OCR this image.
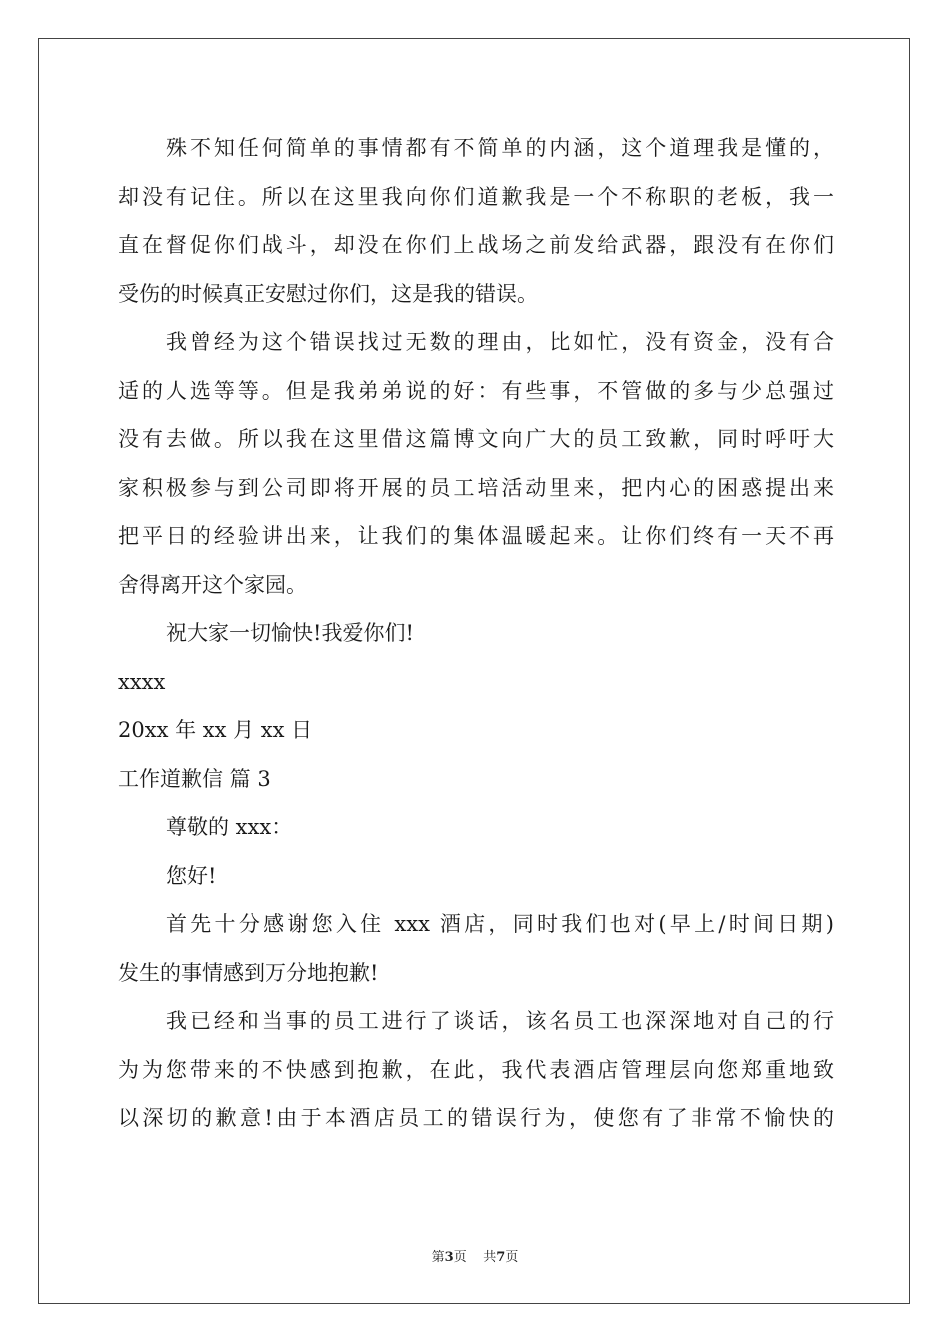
殊不知任何简单的事情都有不简单的内涵，这个道理我是懂的，
却没有记住。所以在这里我向你们道歉我是一个不称职的老板，我一
直在督促你们战斗，却没在你们上战场之前发给武器，跟没有在你们
受伤的时候真正安慰过你们，这是我的错误。
我曾经为这个错误找过无数的理由，比如忙，没有资金，没有合
适的人选等等。但是我弟弟说的好：有些事，不管做的多与少总强过
没有去做。所以我在这里借这篇博文向广大的员工致歉，同时呼吁大
家积极参与到公司即将开展的员工培活动里来，把内心的困惑提出来
把平日的经验讲出来，让我们的集体温暖起来。让你们终有一天不再
舍得离开这个家园。
祝大家一切愉快!我爱你们!
xxxx
20xx 年 xx 月 xx 日
工作道歉信 篇 3
尊敬的 xxx：
您好!
首先十分感谢您入住 xxx 酒店，同时我们也对(早上/时间日期)
发生的事情感到万分地抱歉!
我已经和当事的员工进行了谈话，该名员工也深深地对自己的行
为为您带来的不快感到抱歉，在此，我代表酒店管理层向您郑重地致
以深切的歉意!由于本酒店员工的错误行为，使您有了非常不愉快的
第3页 共7页
